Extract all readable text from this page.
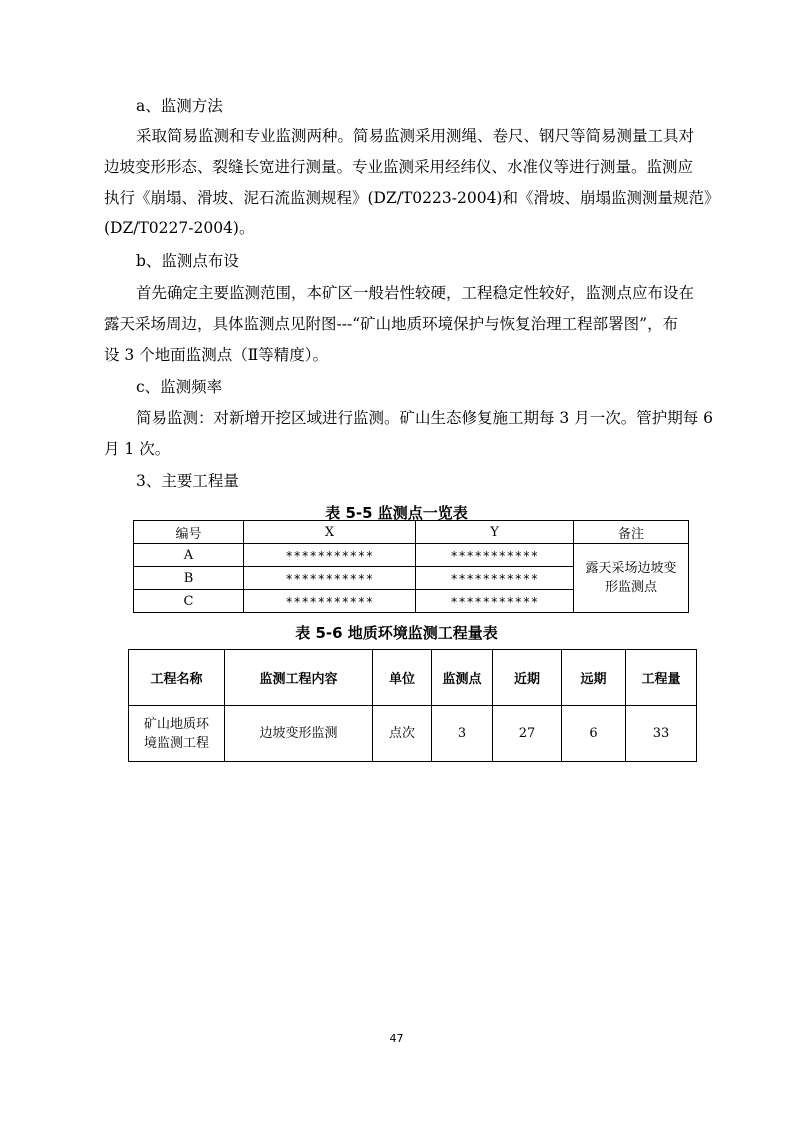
a、监测方法

采取简易监测和专业监测两种。简易监测采用测绳、卷尺、钢尺等简易测量工具对

边坡变形形态、裂缝长宽进行测量。专业监测采用经纬仪、水准仪等进行测量。监测应

执行《崩塌、滑坡、泥石流监测规程》(DZ/T0223-2004)和《滑坡、崩塌监测测量规范》

(DZ/T0227-2004)。

b、监测点布设

首先确定主要监测范围，本矿区一般岩性较硬，工程稳定性较好，监测点应布设在

露天采场周边，具体监测点见附图---“矿山地质环境保护与恢复治理工程部署图”，布

设 3 个地面监测点（Ⅱ等精度）。

c、监测频率

简易监测：对新增开挖区域进行监测。矿山生态修复施工期每 3 月一次。管护期每 6

月 1 次。

3、主要工程量

表 5-5 监测点一览表
编号	X	Y	备注
A	***********	***********	露天采场边坡变形监测点
B	***********	***********	
C	***********	***********	
表 5-6 地质环境监测工程量表
工程名称	监测工程内容	单位	监测点	近期	远期	工程量
矿山地质环境监测工程	边坡变形监测	点次	3	27	6	33
47
